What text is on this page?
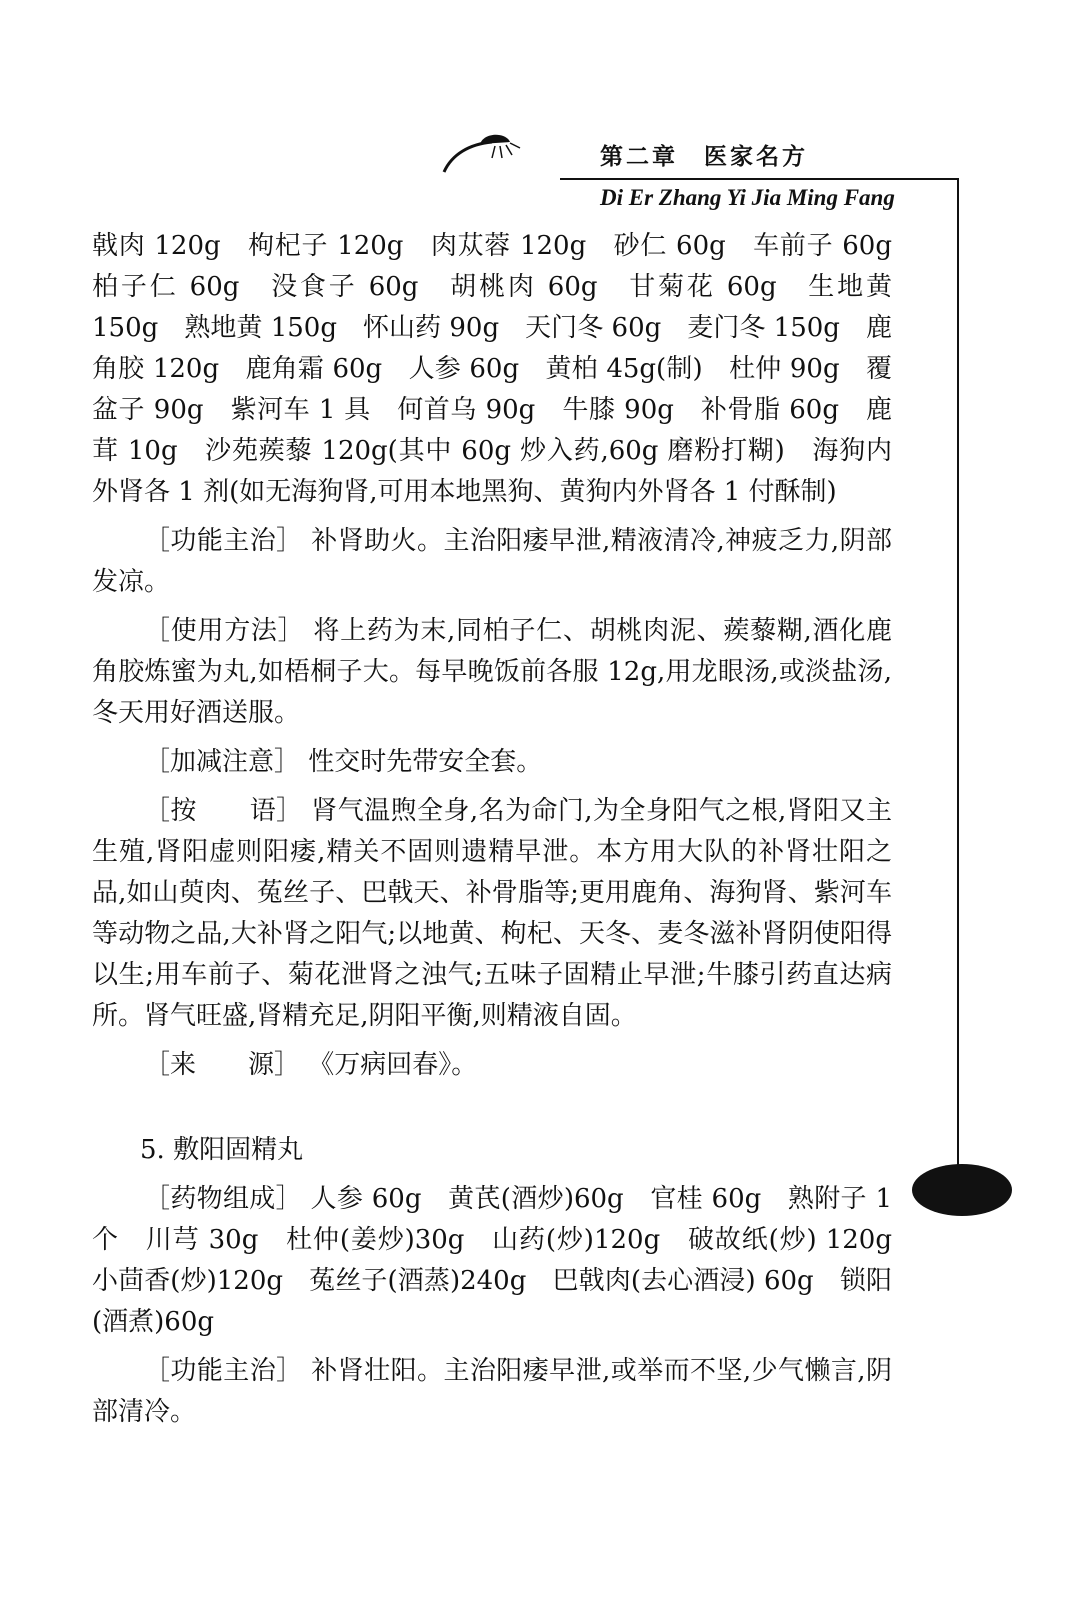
第二章　医家名方
Di Er Zhang Yi Jia Ming Fang

戟肉 120g　枸杞子 120g　肉苁蓉 120g　砂仁 60g　车前子 60g　柏子仁 60g　没食子 60g　胡桃肉 60g　甘菊花 60g　生地黄 150g　熟地黄 150g　怀山药 90g　天门冬 60g　麦门冬 150g　鹿角胶 120g　鹿角霜 60g　人参 60g　黄柏 45g(制)　杜仲 90g　覆盆子 90g　紫河车 1 具　何首乌 90g　牛膝 90g　补骨脂 60g　鹿茸 10g　沙苑蒺藜 120g(其中 60g 炒入药,60g 磨粉打糊)　海狗内外肾各 1 剂(如无海狗肾,可用本地黑狗、黄狗内外肾各 1 付酥制)

［功能主治］ 补肾助火。主治阳痿早泄,精液清冷,神疲乏力,阴部发凉。

［使用方法］ 将上药为末,同柏子仁、胡桃肉泥、蒺藜糊,酒化鹿角胶炼蜜为丸,如梧桐子大。每早晚饭前各服 12g,用龙眼汤,或淡盐汤,冬天用好酒送服。

［加减注意］ 性交时先带安全套。

［按　　语］ 肾气温煦全身,名为命门,为全身阳气之根,肾阳又主生殖,肾阳虚则阳痿,精关不固则遗精早泄。本方用大队的补肾壮阳之品,如山萸肉、菟丝子、巴戟天、补骨脂等;更用鹿角、海狗肾、紫河车等动物之品,大补肾之阳气;以地黄、枸杞、天冬、麦冬滋补肾阴使阳得以生;用车前子、菊花泄肾之浊气;五味子固精止早泄;牛膝引药直达病所。肾气旺盛,肾精充足,阴阳平衡,则精液自固。

［来　　源］ 《万病回春》。

5. 敷阳固精丸

［药物组成］ 人参 60g　黄芪(酒炒)60g　官桂 60g　熟附子 1 个　川芎 30g　杜仲(姜炒)30g　山药(炒)120g　破故纸(炒) 120g　小茴香(炒)120g　菟丝子(酒蒸)240g　巴戟肉(去心酒浸) 60g　锁阳(酒煮)60g

［功能主治］ 补肾壮阳。主治阳痿早泄,或举而不坚,少气懒言,阴部清冷。
